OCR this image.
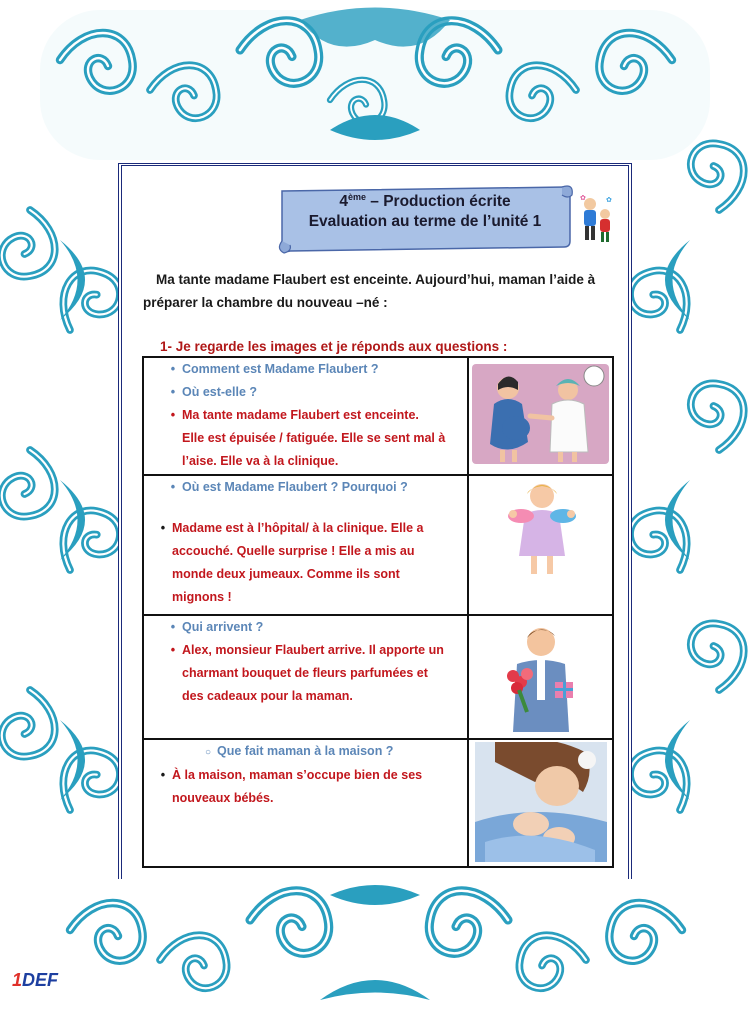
4ème – Production écrite
Evaluation au terme de l’unité 1
✿	✿
Ma tante madame Flaubert est enceinte. Aujourd’hui, maman l’aide à préparer la chambre du nouveau –né :
1- Je regarde les images et je réponds aux questions :
• Comment est Madame Flaubert ?
• Où est-elle ?
• Ma tante madame Flaubert est enceinte.
Elle est épuisée / fatiguée. Elle se sent mal à
l’aise. Elle va à la clinique.

• Où est Madame Flaubert ? Pourquoi ?
• Madame est à l’hôpital/ à la clinique. Elle a
accouché. Quelle surprise ! Elle a mis au
monde deux jumeaux. Comme ils sont
mignons !

• Qui arrivent ?
• Alex, monsieur Flaubert arrive. Il apporte un
charmant bouquet de fleurs parfumées et
des cadeaux pour la maman.

○ Que fait maman à la maison ?
• À la maison, maman s’occupe bien de ses
nouveaux bébés.

1DEF
